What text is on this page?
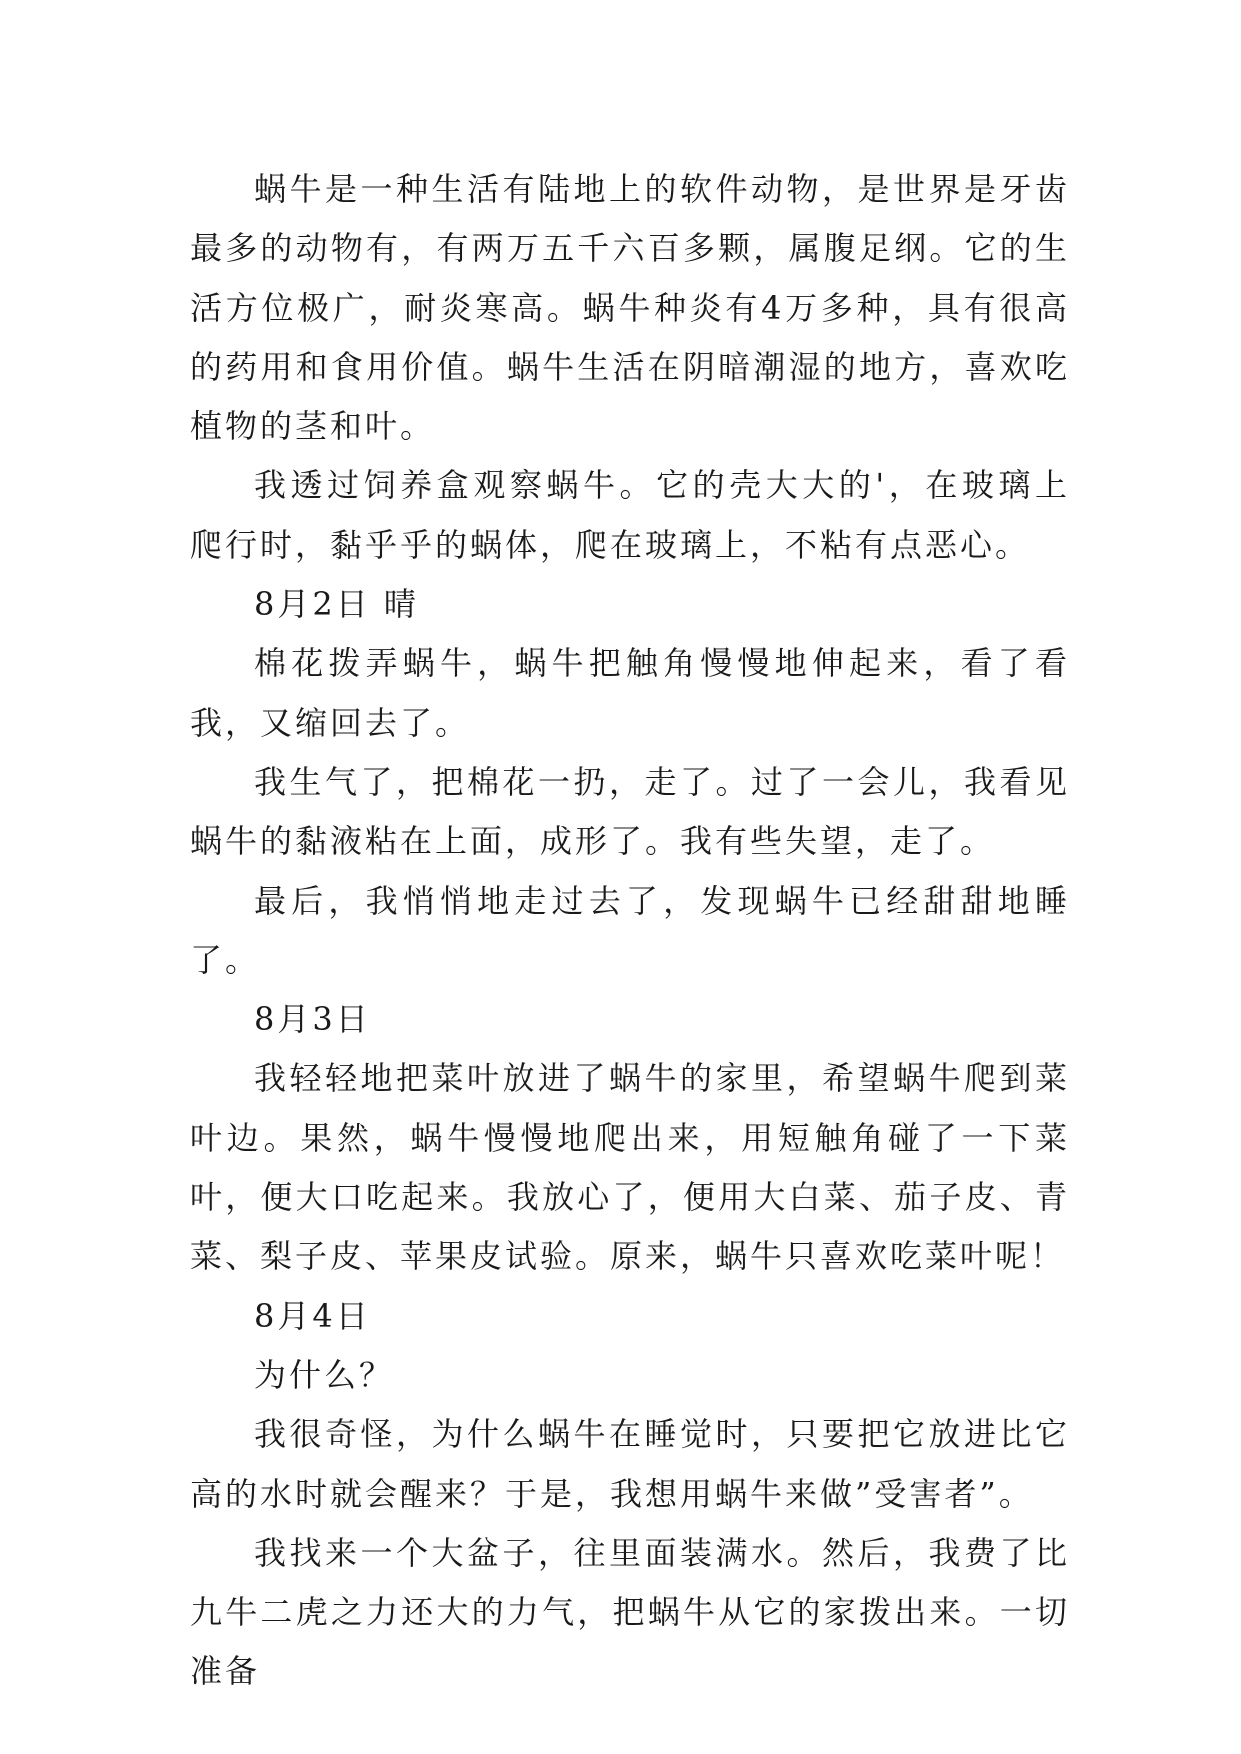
蜗牛是一种生活有陆地上的软件动物，是世界是牙齿最多的动物有，有两万五千六百多颗，属腹足纲。它的生活方位极广，耐炎寒高。蜗牛种炎有4万多种，具有很高的药用和食用价值。蜗牛生活在阴暗潮湿的地方，喜欢吃植物的茎和叶。

我透过饲养盒观察蜗牛。它的壳大大的'，在玻璃上爬行时，黏乎乎的蜗体，爬在玻璃上，不粘有点恶心。

8月2日 晴

棉花拨弄蜗牛，蜗牛把触角慢慢地伸起来，看了看我，又缩回去了。

我生气了，把棉花一扔，走了。过了一会儿，我看见蜗牛的黏液粘在上面，成形了。我有些失望，走了。

最后，我悄悄地走过去了，发现蜗牛已经甜甜地睡了。

8月3日

我轻轻地把菜叶放进了蜗牛的家里，希望蜗牛爬到菜叶边。果然，蜗牛慢慢地爬出来，用短触角碰了一下菜叶，便大口吃起来。我放心了，便用大白菜、茄子皮、青菜、梨子皮、苹果皮试验。原来，蜗牛只喜欢吃菜叶呢！

8月4日

为什么？

我很奇怪，为什么蜗牛在睡觉时，只要把它放进比它高的水时就会醒来？于是，我想用蜗牛来做”受害者”。

我找来一个大盆子，往里面装满水。然后，我费了比九牛二虎之力还大的力气，把蜗牛从它的家拨出来。一切准备
